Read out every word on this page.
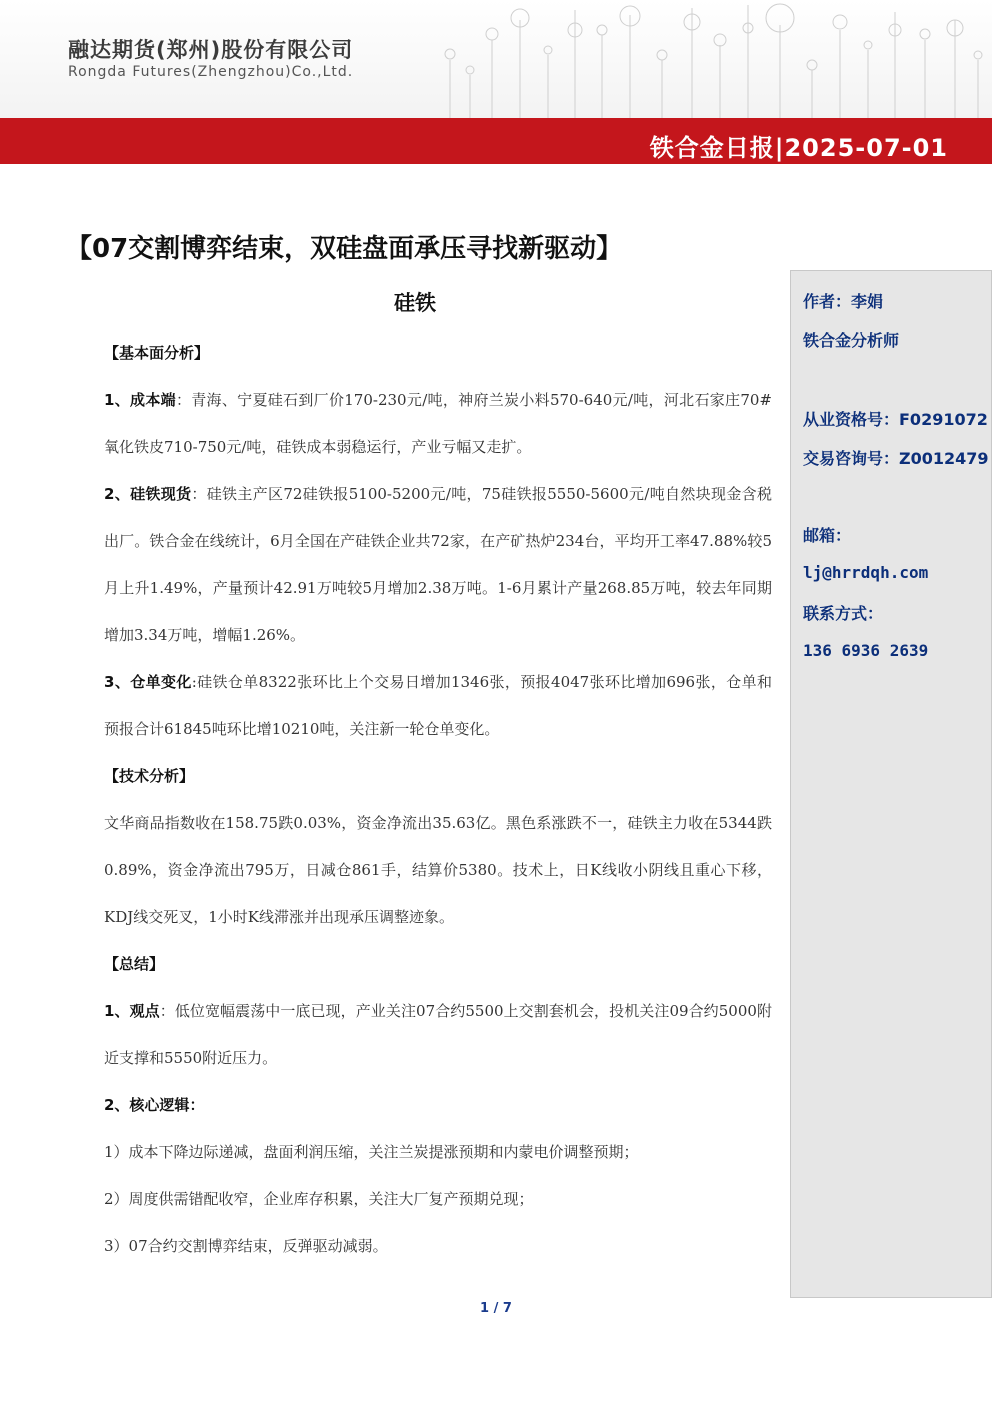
融达期货(郑州)股份有限公司
Rongda Futures(Zhengzhou)Co.,Ltd.
铁合金日报|2025-07-01
【07交割博弈结束，双硅盘面承压寻找新驱动】
硅铁

【基本面分析】

1、成本端：青海、宁夏硅石到厂价170-230元/吨，神府兰炭小料570-640元/吨，河北石家庄70#氧化铁皮710-750元/吨，硅铁成本弱稳运行，产业亏幅又走扩。

2、硅铁现货：硅铁主产区72硅铁报5100-5200元/吨，75硅铁报5550-5600元/吨自然块现金含税出厂。铁合金在线统计，6月全国在产硅铁企业共72家，在产矿热炉234台，平均开工率47.88%较5月上升1.49%，产量预计42.91万吨较5月增加2.38万吨。1-6月累计产量268.85万吨，较去年同期增加3.34万吨，增幅1.26%。

3、仓单变化:硅铁仓单8322张环比上个交易日增加1346张，预报4047张环比增加696张，仓单和预报合计61845吨环比增10210吨，关注新一轮仓单变化。

【技术分析】

文华商品指数收在158.75跌0.03%，资金净流出35.63亿。黑色系涨跌不一，硅铁主力收在5344跌0.89%，资金净流出795万，日减仓861手，结算价5380。技术上，日K线收小阴线且重心下移，KDJ线交死叉，1小时K线滞涨并出现承压调整迹象。

【总结】

1、观点：低位宽幅震荡中一底已现，产业关注07合约5500上交割套机会，投机关注09合约5000附近支撑和5550附近压力。

2、核心逻辑：

1）成本下降边际递减，盘面利润压缩，关注兰炭提涨预期和内蒙电价调整预期；

2）周度供需错配收窄，企业库存积累，关注大厂复产预期兑现；

3）07合约交割博弈结束，反弹驱动减弱。

作者：李娟
铁合金分析师
从业资格号：F0291072
交易咨询号：Z0012479
邮箱：
lj@hrrdqh.com
联系方式：
136 6936 2639
1 / 7
